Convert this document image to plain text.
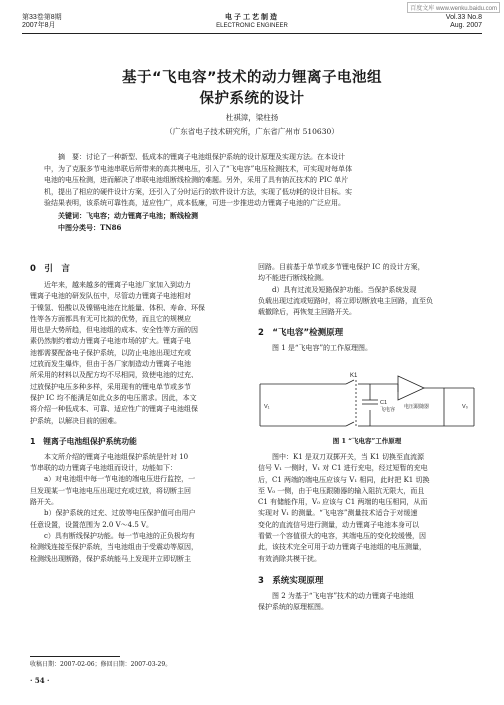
百度文库 www.wenku.baidu.com
第33卷第8期
2007年8月
电子工艺制造
ELECTRONIC ENGINEER
Vol.33 No.8
Aug. 2007
基于“飞电容”技术的动力锂离子电池组
保护系统的设计
杜祺漳，梁柱扬
（广东省电子技术研究所，广东省广州市 510630）
摘　要：讨论了一种新型、低成本的锂离子电池组保护系统的设计原理及实现方法。在本设计
中，为了克服多节电池串联后所带来的高共模电压，引入了“飞电容”电压检测技术，可实现对每单体
电池的电压检测，进而解决了串联电池组断线检测的难题。另外，采用了具有钠瓦技术的 PIC 单片
机，提出了相应的硬件设计方案，还引入了分时运行的软件设计方法，实现了低功耗的设计目标。实
验结果表明，该系统可靠性高，适应性广，成本低廉，可进一步推进动力锂离子电池的广泛应用。
关键词：飞电容；动力锂离子电池；断线检测
中图分类号：TN86
0　引　言
　　近年来，越来越多的锂离子电池厂家加入到动力
锂离子电池的研发队伍中，尽管动力锂离子电池相对
于镍氢、铅酸以及镍镉电池在比能量、体积、寿命、环保
性等各方面都具有无可比拟的优势，而且它的规模应
用也是大势所趋，但电池组的成本、安全性等方面的因
素仍然制约着动力锂离子电池市场的扩大。锂离子电
池都需要配备电子保护系统，以防止电池出现过充或
过放而发生爆炸，但由于各厂家制造动力锂离子电池
所采用的材料以及配方均不尽相同，致使电池的过充、
过放保护电压多种多样，采用现有的锂电单节或多节
保护 IC 均不能满足如此众多的电压需求。因此，本文
将介绍一种低成本、可靠、适应性广的锂离子电池组保
护系统，以解决目前的困难。
1　锂离子电池组保护系统功能
　　本文所介绍的锂离子电池组保护系统是针对 10
节串联的动力锂离子电池组而设计，功能如下：
　　a）对电池组中每一节电池的端电压进行监控，一
旦发现某一节电池电压出现过充或过放，将切断主回
路开关。
　　b）保护系统的过充、过放等电压保护值可由用户
任意设置，设置范围为 2.0 V～4.5 V。
　　c）具有断线保护功能。每一节电池的正负极均有
检测线连接至保护系统，当电池组由于受震动等原因，
检测线出现断路，保护系统能马上发现并立即切断主
收稿日期：2007-02-06；修回日期：2007-03-29。
· 54 ·
回路。目前基于单节或多节锂电保护 IC 的设计方案，
均不能进行断线检测。
　　d）具有过流及短路保护功能。当保护系统发现
负载出现过流或短路时，将立即切断放电主回路，直至负
载撤除后，再恢复主回路开关。
2　“飞电容”检测原理
　　图 1 是“飞电容”的工作原理图。
K1
C1
飞电容 电压跟随器
V₁	V₀
图 1 “飞电容”工作原理
　　图中：K1 是双刀双掷开关，当 K1 切换至直流源
信号 V₁ 一侧时，V₁ 对 C1 进行充电，经过短暂的充电
后，C1 两端的端电压应该与 V₁ 相同，此时把 K1 切换
至 V₀ 一侧，由于电压跟随器的输入阻抗无限大，而且
C1 有储能作用，V₀ 应该与 C1 两端的电压相同，从而
实现对 V₁ 的测量。“飞电容”测量技术适合于对缓速
变化的直流信号进行测量，动力锂离子电池本身可以
看做一个容值很大的电容，其端电压的变化较缓慢，因
此，该技术完全可用于动力锂离子电池组的电压测量，
有效消除共模干扰。
3　系统实现原理
　　图 2 为基于“飞电容”技术的动力锂离子电池组
保护系统的原理框图。
